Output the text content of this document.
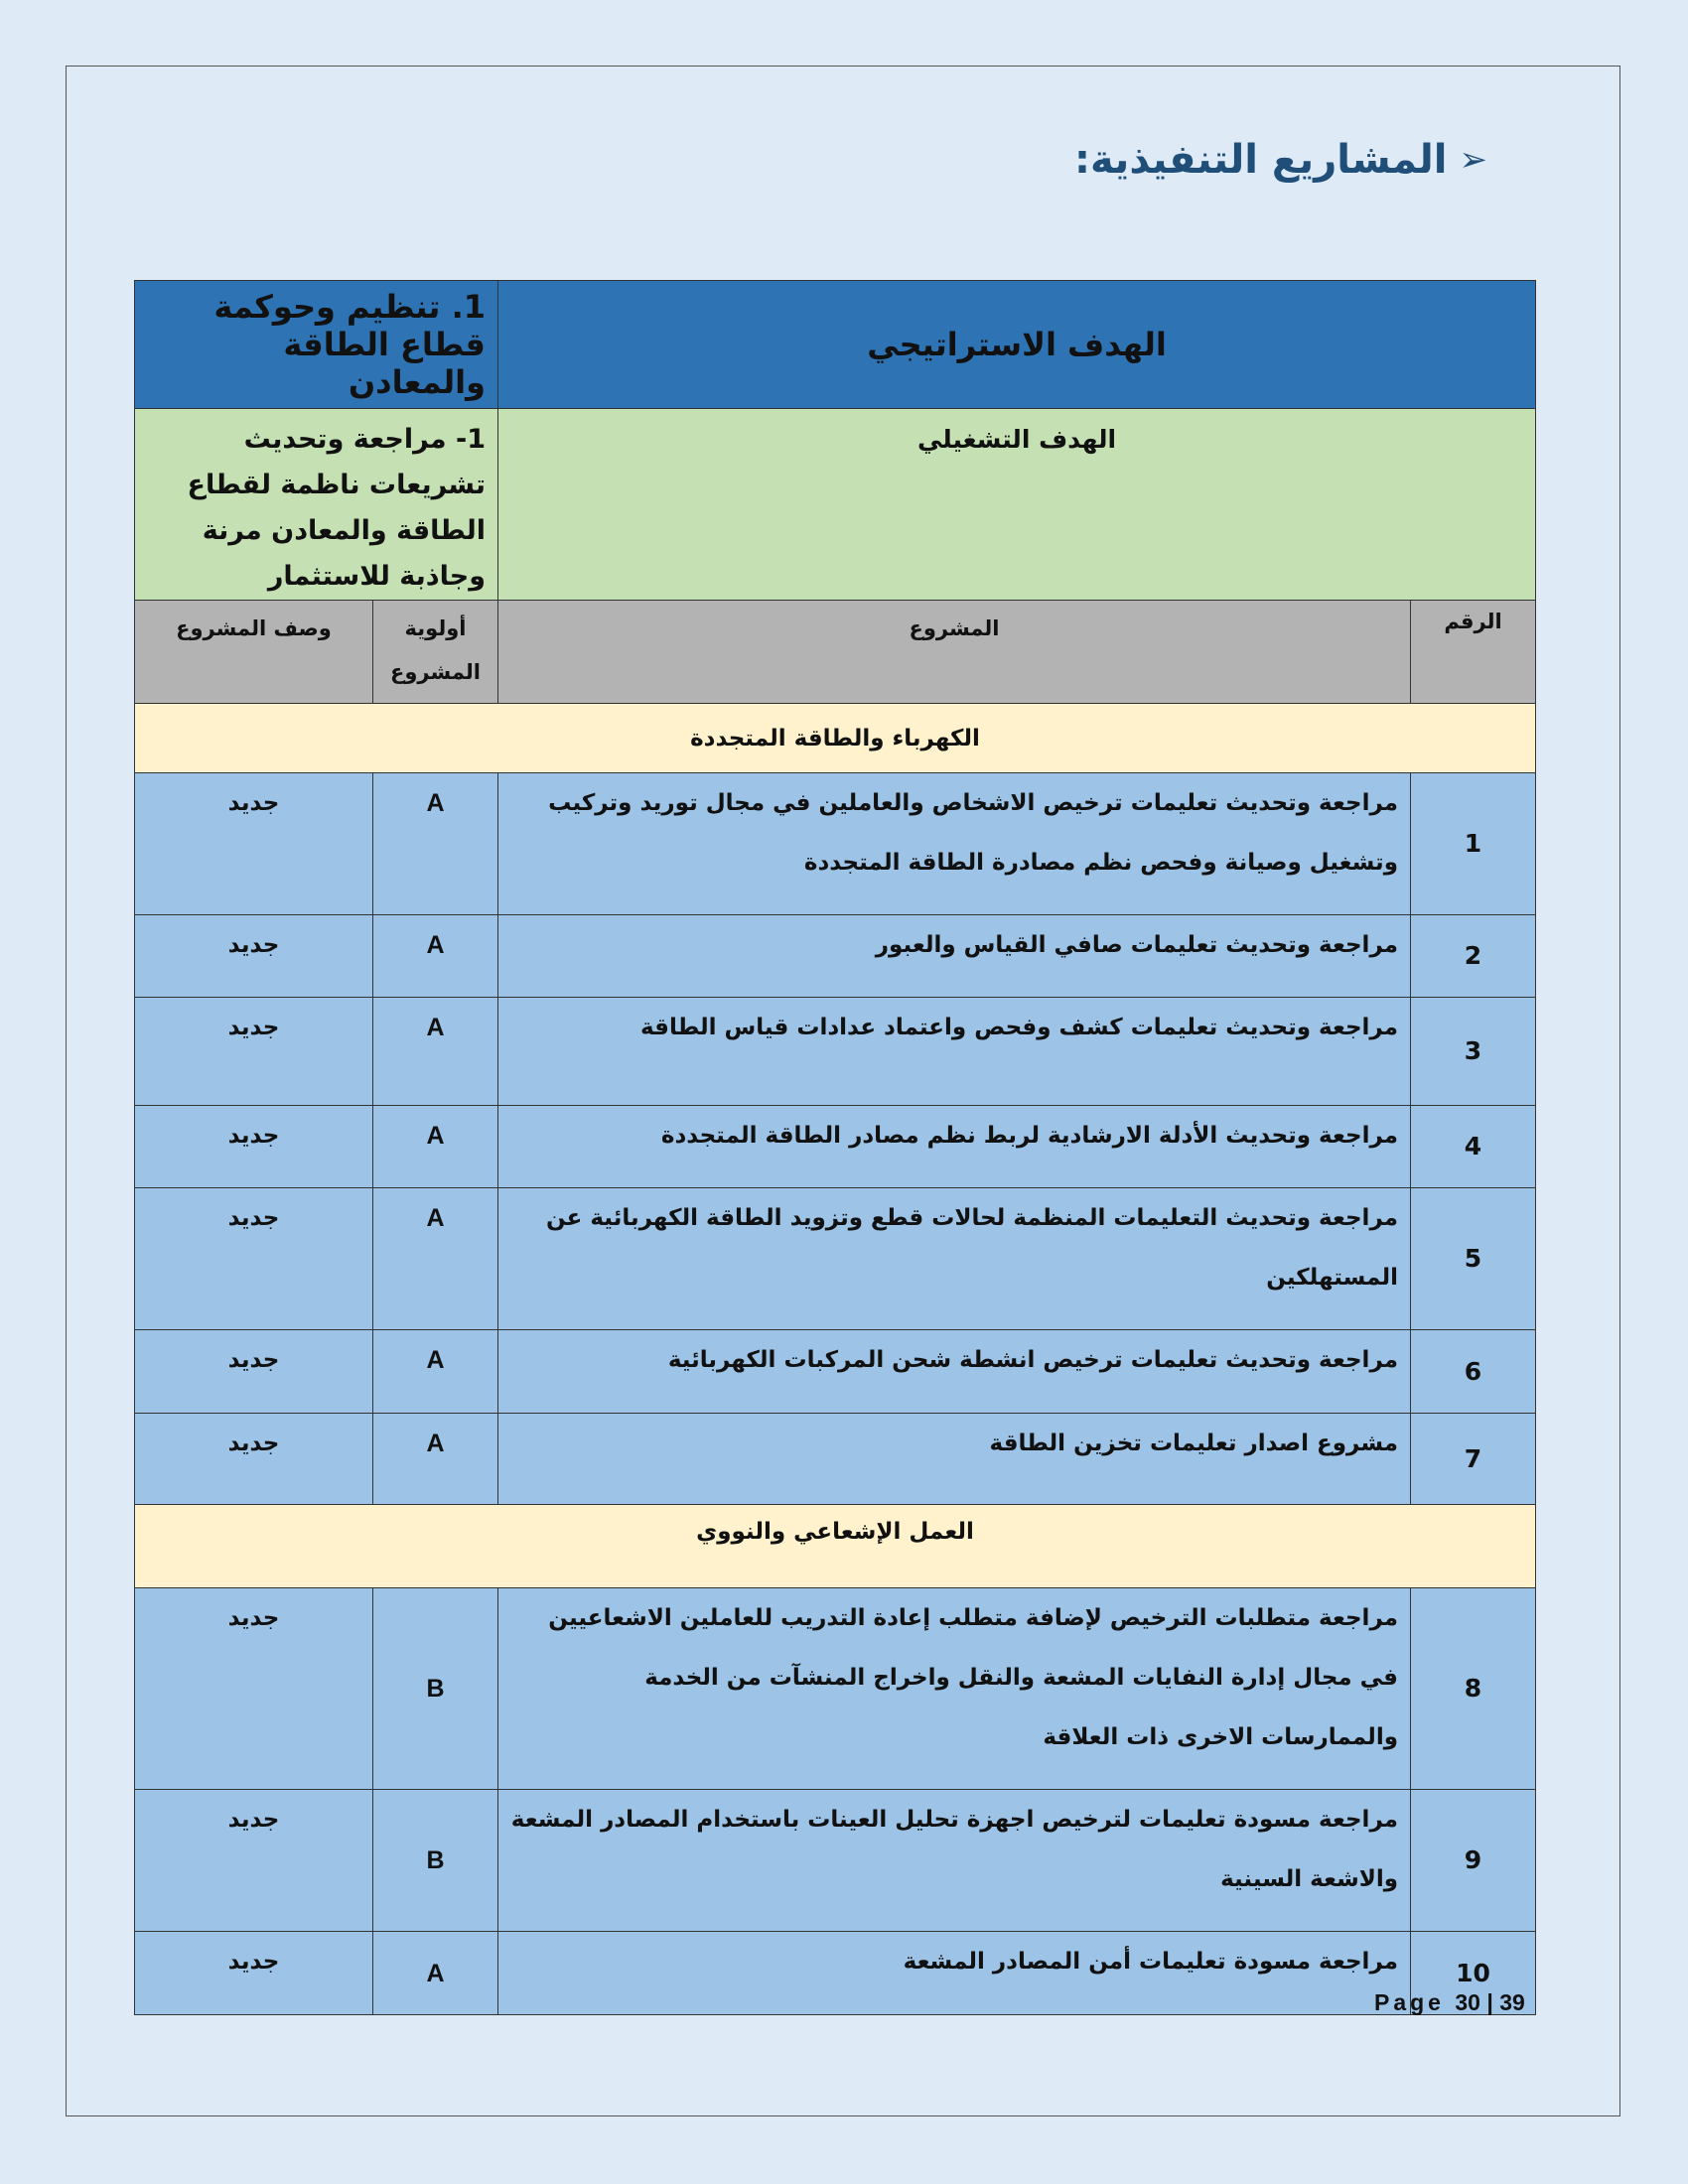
➢
المشاريع التنفيذية:
الهدف الاستراتيجي		1. تنظيم وحوكمة قطاع الطاقة والمعادن	
الهدف التشغيلي		1- مراجعة وتحديث تشريعات ناظمة لقطاع الطاقة والمعادن مرنة وجاذبة للاستثمار	
الرقم	المشروع	أولوية المشروع	وصف المشروع
الكهرباء والطاقة المتجددة			
1	مراجعة وتحديث تعليمات ترخيص الاشخاص والعاملين في مجال توريد وتركيب وتشغيل وصيانة وفحص نظم مصادرة الطاقة المتجددة	A	جديد
2	مراجعة وتحديث تعليمات صافي القياس والعبور	A	جديد
3	مراجعة وتحديث تعليمات كشف وفحص واعتماد عدادات قياس الطاقة	A	جديد
4	مراجعة وتحديث الأدلة الارشادية لربط نظم مصادر الطاقة المتجددة	A	جديد
5	مراجعة وتحديث التعليمات المنظمة لحالات قطع وتزويد الطاقة الكهربائية عن المستهلكين	A	جديد
6	مراجعة وتحديث تعليمات ترخيص انشطة شحن المركبات الكهربائية	A	جديد
7	مشروع اصدار تعليمات تخزين الطاقة	A	جديد
العمل الإشعاعي والنووي			
8	مراجعة متطلبات الترخيص لإضافة متطلب إعادة التدريب للعاملين الاشعاعيين في مجال إدارة النفايات المشعة والنقل واخراج المنشآت من الخدمة والممارسات الاخرى ذات العلاقة	B	جديد
9	مراجعة مسودة تعليمات لترخيص اجهزة تحليل العينات باستخدام المصادر المشعة والاشعة السينية	B	جديد
10	مراجعة مسودة تعليمات أمن المصادر المشعة	A	جديد
Page 30 | 39
